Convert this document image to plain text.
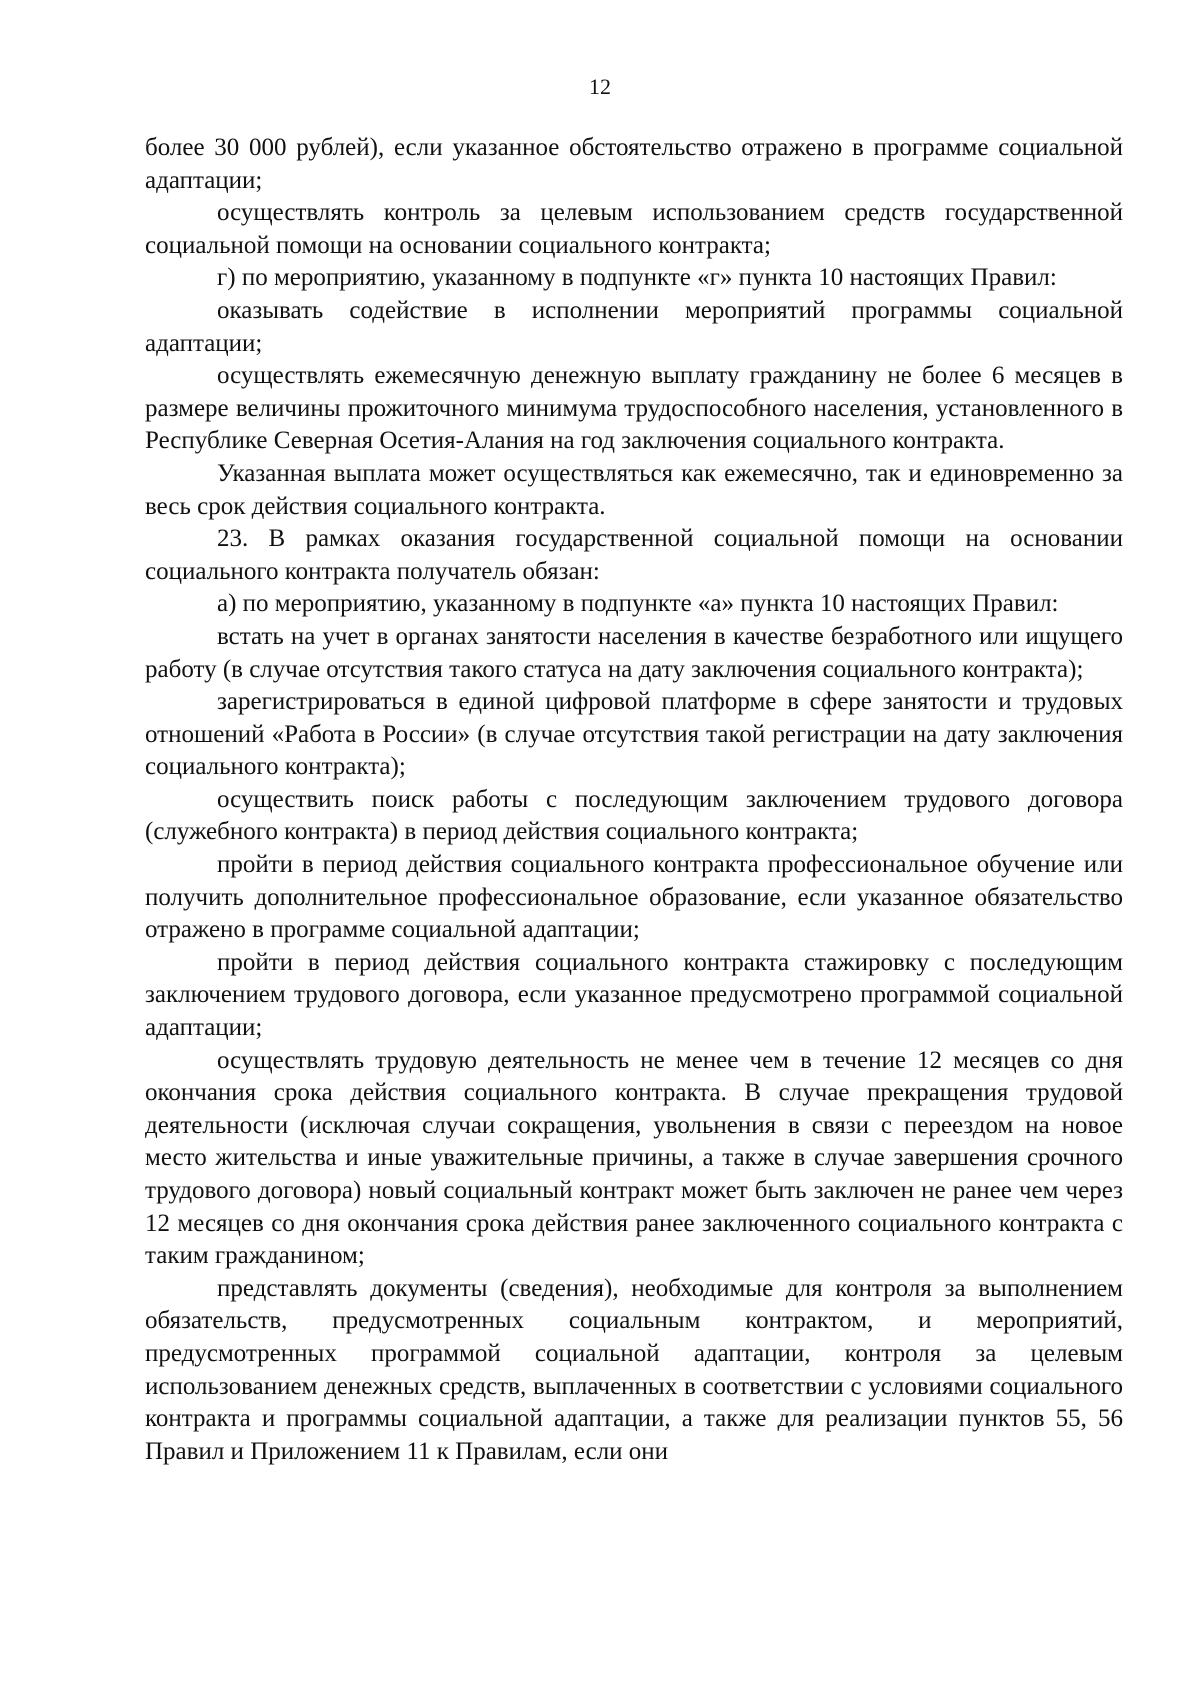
12

более 30 000 рублей), если указанное обстоятельство отражено в программе социальной адаптации;

осуществлять контроль за целевым использованием средств государственной социальной помощи на основании социального контракта;

г) по мероприятию, указанному в подпункте «г» пункта 10 настоящих Правил:

оказывать содействие в исполнении мероприятий программы социальной адаптации;

осуществлять ежемесячную денежную выплату гражданину не более 6 месяцев в размере величины прожиточного минимума трудоспособного населения, установленного в Республике Северная Осетия-Алания на год заключения социального контракта.

Указанная выплата может осуществляться как ежемесячно, так и единовременно за весь срок действия социального контракта.

23. В рамках оказания государственной социальной помощи на основании социального контракта получатель обязан:

а) по мероприятию, указанному в подпункте «а» пункта 10 настоящих Правил:

встать на учет в органах занятости населения в качестве безработного или ищущего работу (в случае отсутствия такого статуса на дату заключения социального контракта);

зарегистрироваться в единой цифровой платформе в сфере занятости и трудовых отношений «Работа в России» (в случае отсутствия такой регистрации на дату заключения социального контракта);

осуществить поиск работы с последующим заключением трудового договора (служебного контракта) в период действия социального контракта;

пройти в период действия социального контракта профессиональное обучение или получить дополнительное профессиональное образование, если указанное обязательство отражено в программе социальной адаптации;

пройти в период действия социального контракта стажировку с последующим заключением трудового договора, если указанное предусмотрено программой социальной адаптации;

осуществлять трудовую деятельность не менее чем в течение 12 месяцев со дня окончания срока действия социального контракта. В случае прекращения трудовой деятельности (исключая случаи сокращения, увольнения в связи с переездом на новое место жительства и иные уважительные причины, а также в случае завершения срочного трудового договора) новый социальный контракт может быть заключен не ранее чем через 12 месяцев со дня окончания срока действия ранее заключенного социального контракта с таким гражданином;

представлять документы (сведения), необходимые для контроля за выполнением обязательств, предусмотренных социальным контрактом, и мероприятий, предусмотренных программой социальной адаптации, контроля за целевым использованием денежных средств, выплаченных в соответствии с условиями социального контракта и программы социальной адаптации, а также для реализации пунктов 55, 56 Правил и Приложением 11 к Правилам, если они
